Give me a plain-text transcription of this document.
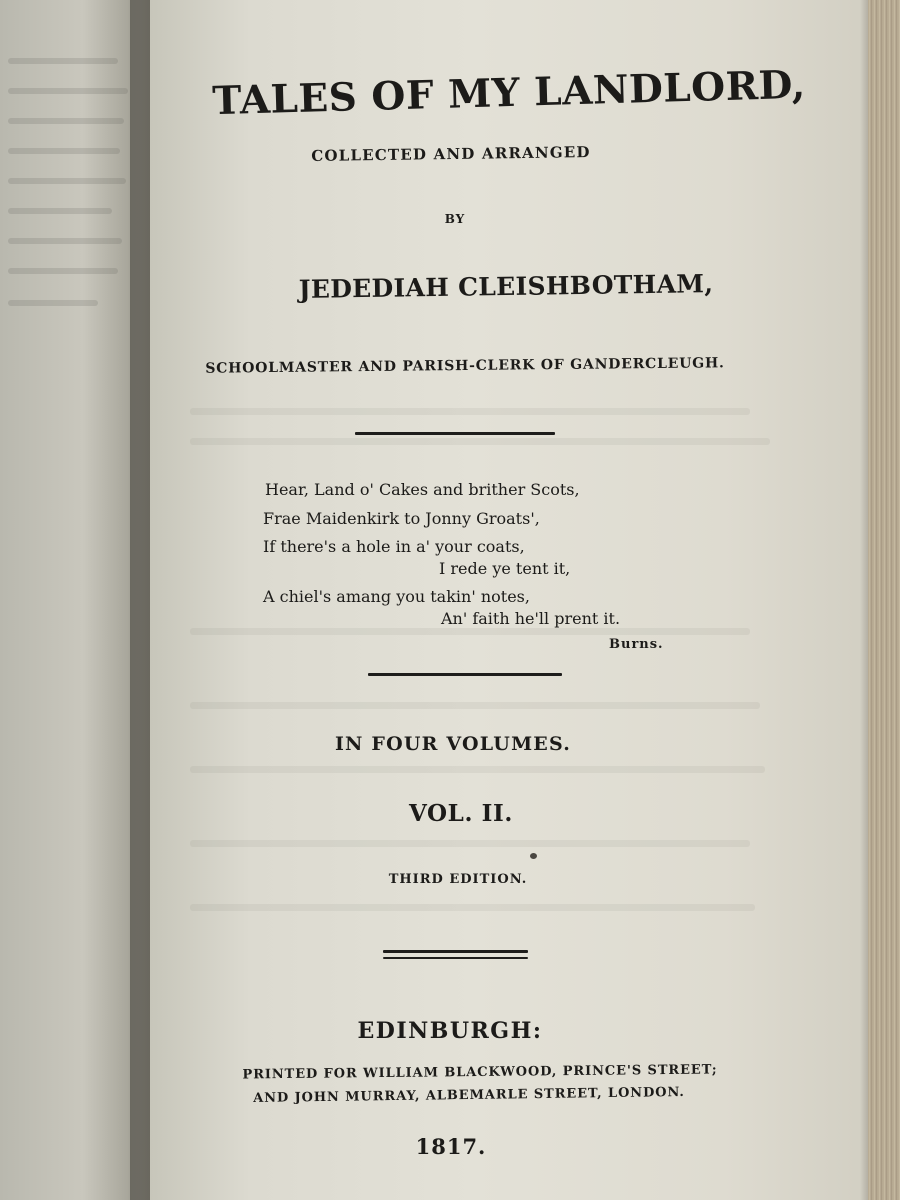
TALES OF MY LANDLORD,
COLLECTED AND ARRANGED
BY
JEDEDIAH CLEISHBOTHAM,
SCHOOLMASTER AND PARISH-CLERK OF GANDERCLEUGH.
Hear, Land o' Cakes and brither Scots,
Frae Maidenkirk to Jonny Groats',
If there's a hole in a' your coats,
I rede ye tent it,
A chiel's amang you takin' notes,
An' faith he'll prent it.
Burns.
IN FOUR VOLUMES.
VOL. II.
THIRD EDITION.
EDINBURGH:
PRINTED FOR WILLIAM BLACKWOOD, PRINCE'S STREET;
AND JOHN MURRAY, ALBEMARLE STREET, LONDON.
1817.
